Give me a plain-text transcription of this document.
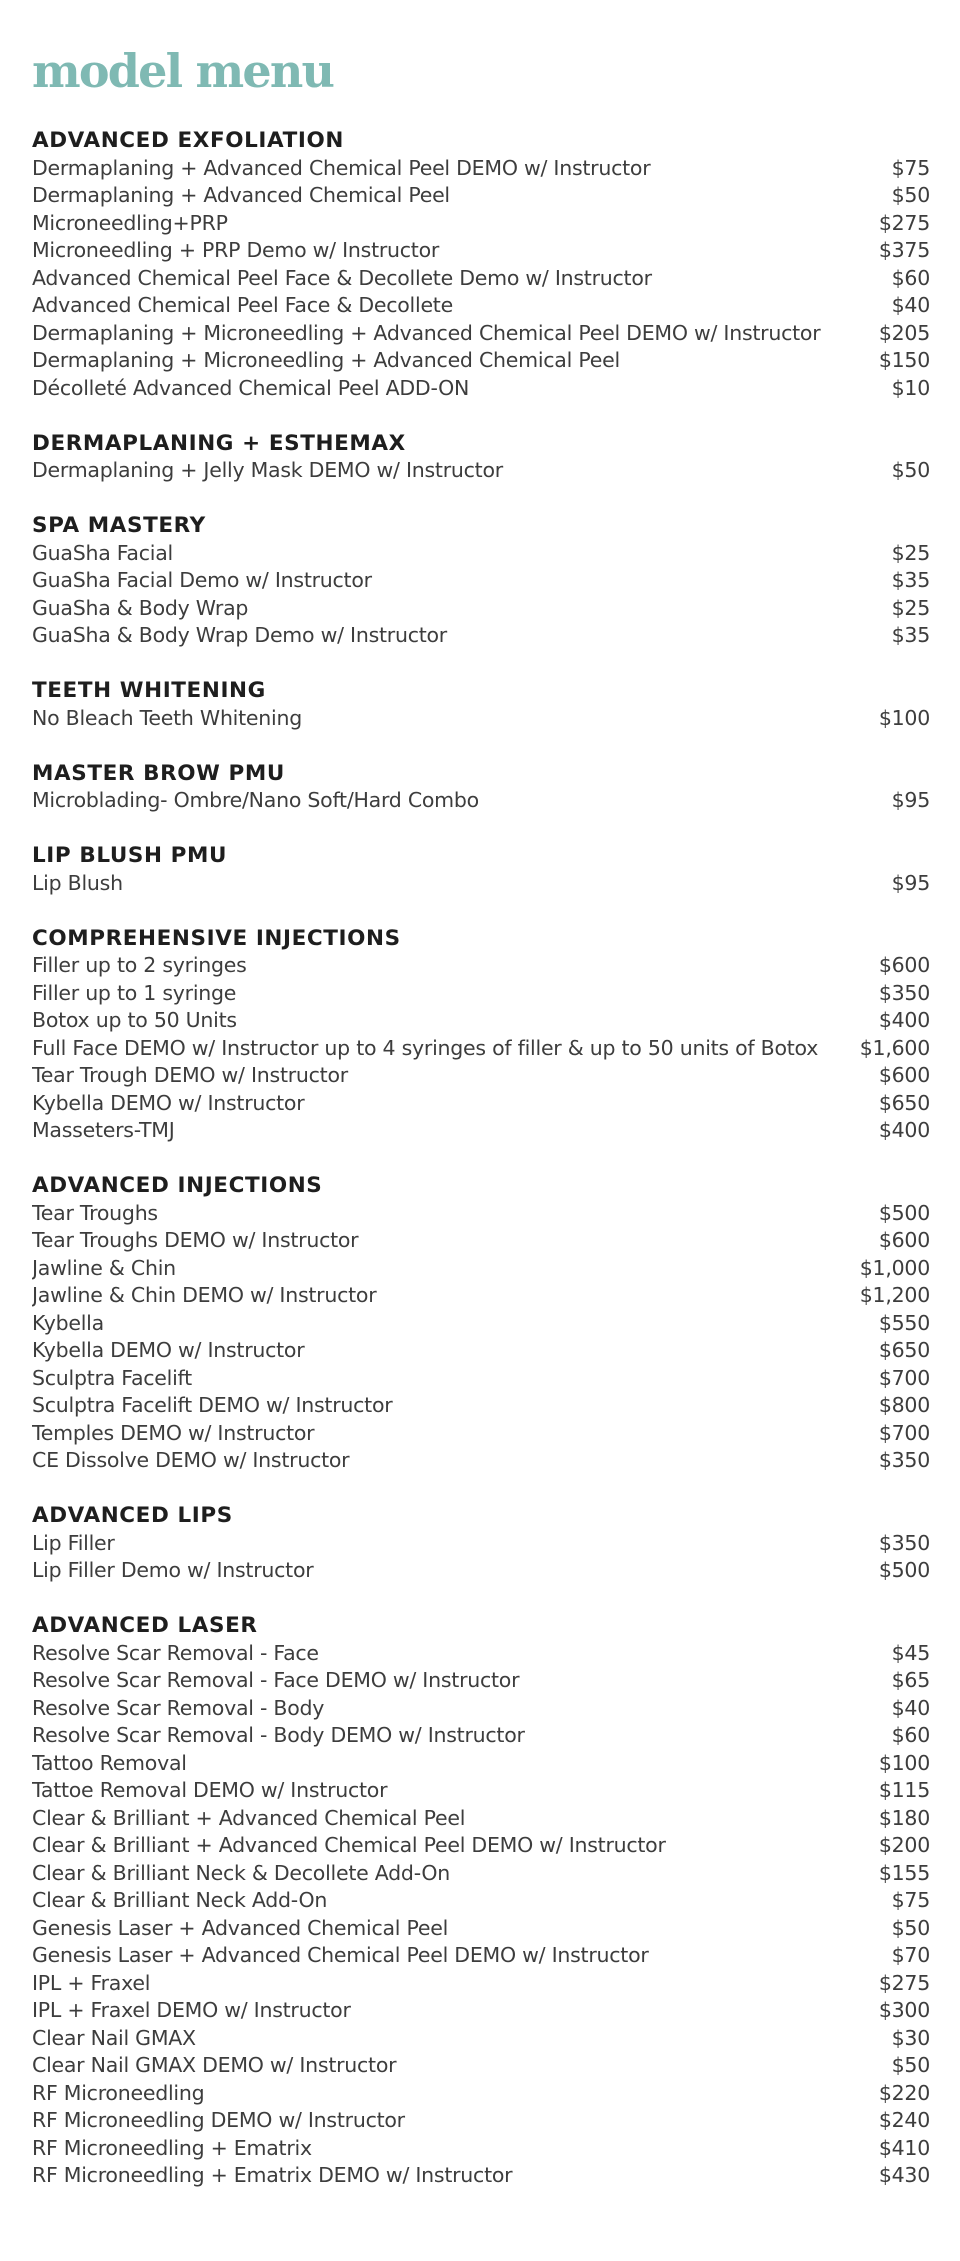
model menu
ADVANCED EXFOLIATION
Dermaplaning + Advanced Chemical Peel DEMO w/ Instructor	$75
Dermaplaning + Advanced Chemical Peel	$50
Microneedling+PRP	$275
Microneedling + PRP Demo w/ Instructor	$375
Advanced Chemical Peel Face & Decollete Demo w/ Instructor	$60
Advanced Chemical Peel Face & Decollete	$40
Dermaplaning + Microneedling + Advanced Chemical Peel DEMO w/ Instructor	$205
Dermaplaning + Microneedling + Advanced Chemical Peel	$150
Décolleté Advanced Chemical Peel ADD-ON	$10
DERMAPLANING + ESTHEMAX
Dermaplaning + Jelly Mask DEMO w/ Instructor	$50
SPA MASTERY
GuaSha Facial	$25
GuaSha Facial Demo w/ Instructor	$35
GuaSha & Body Wrap	$25
GuaSha & Body Wrap Demo w/ Instructor	$35
TEETH WHITENING
No Bleach Teeth Whitening	$100
MASTER BROW PMU
Microblading- Ombre/Nano Soft/Hard Combo	$95
LIP BLUSH PMU
Lip Blush	$95
COMPREHENSIVE INJECTIONS
Filler up to 2 syringes	$600
Filler up to 1 syringe	$350
Botox up to 50 Units	$400
Full Face DEMO w/ Instructor up to 4 syringes of filler & up to 50 units of Botox	$1,600
Tear Trough DEMO w/ Instructor	$600
Kybella DEMO w/ Instructor	$650
Masseters-TMJ	$400
ADVANCED INJECTIONS
Tear Troughs	$500
Tear Troughs DEMO w/ Instructor	$600
Jawline & Chin	$1,000
Jawline & Chin DEMO w/ Instructor	$1,200
Kybella	$550
Kybella DEMO w/ Instructor	$650
Sculptra Facelift	$700
Sculptra Facelift DEMO w/ Instructor	$800
Temples DEMO w/ Instructor	$700
CE Dissolve DEMO w/ Instructor	$350
ADVANCED LIPS
Lip Filler	$350
Lip Filler Demo w/ Instructor	$500
ADVANCED LASER
Resolve Scar Removal - Face	$45
Resolve Scar Removal - Face DEMO w/ Instructor	$65
Resolve Scar Removal - Body	$40
Resolve Scar Removal - Body DEMO w/ Instructor	$60
Tattoo Removal	$100
Tattoe Removal DEMO w/ Instructor	$115
Clear & Brilliant + Advanced Chemical Peel	$180
Clear & Brilliant + Advanced Chemical Peel DEMO w/ Instructor	$200
Clear & Brilliant Neck & Decollete Add-On	$155
Clear & Brilliant Neck Add-On	$75
Genesis Laser + Advanced Chemical Peel	$50
Genesis Laser + Advanced Chemical Peel DEMO w/ Instructor	$70
IPL + Fraxel	$275
IPL + Fraxel DEMO w/ Instructor	$300
Clear Nail GMAX	$30
Clear Nail GMAX DEMO w/ Instructor	$50
RF Microneedling	$220
RF Microneedling DEMO w/ Instructor	$240
RF Microneedling + Ematrix	$410
RF Microneedling + Ematrix DEMO w/ Instructor	$430
